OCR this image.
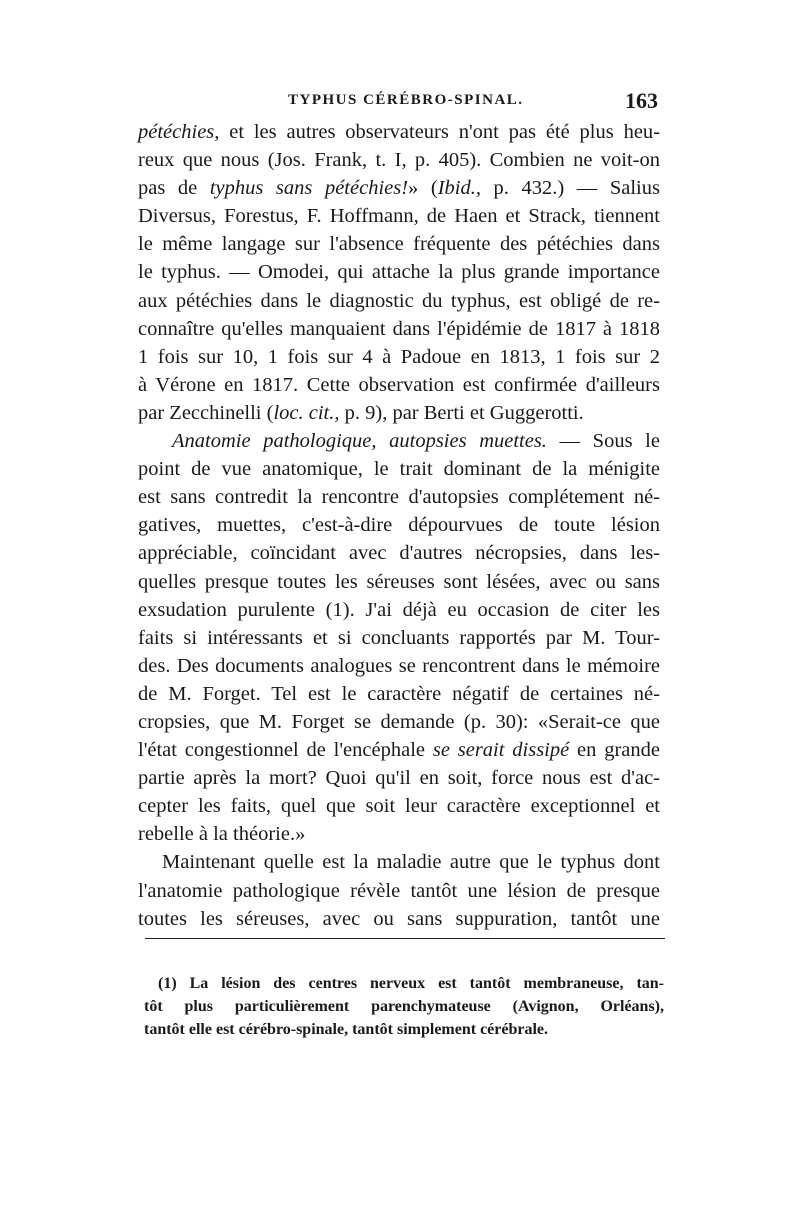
TYPHUS CÉRÉBRO-SPINAL.	163
pétéchies, et les autres observateurs n'ont pas été plus heu-
reux que nous (Jos. Frank, t. I, p. 405). Combien ne voit-on
pas de typhus sans pétéchies!» (Ibid., p. 432.) — Salius
Diversus, Forestus, F. Hoffmann, de Haen et Strack, tiennent
le même langage sur l'absence fréquente des pétéchies dans
le typhus. — Omodei, qui attache la plus grande importance
aux pétéchies dans le diagnostic du typhus, est obligé de re-
connaître qu'elles manquaient dans l'épidémie de 1817 à 1818
1 fois sur 10, 1 fois sur 4 à Padoue en 1813, 1 fois sur 2
à Vérone en 1817. Cette observation est confirmée d'ailleurs
par Zecchinelli (loc. cit., p. 9), par Berti et Guggerotti.
Anatomie pathologique, autopsies muettes. — Sous le
point de vue anatomique, le trait dominant de la ménigite
est sans contredit la rencontre d'autopsies complétement né-
gatives, muettes, c'est-à-dire dépourvues de toute lésion
appréciable, coïncidant avec d'autres nécropsies, dans les-
quelles presque toutes les séreuses sont lésées, avec ou sans
exsudation purulente (1). J'ai déjà eu occasion de citer les
faits si intéressants et si concluants rapportés par M. Tour-
des. Des documents analogues se rencontrent dans le mémoire
de M. Forget. Tel est le caractère négatif de certaines né-
cropsies, que M. Forget se demande (p. 30): «Serait-ce que
l'état congestionnel de l'encéphale se serait dissipé en grande
partie après la mort? Quoi qu'il en soit, force nous est d'ac-
cepter les faits, quel que soit leur caractère exceptionnel et
rebelle à la théorie.»
Maintenant quelle est la maladie autre que le typhus dont
l'anatomie pathologique révèle tantôt une lésion de presque
toutes les séreuses, avec ou sans suppuration, tantôt une
(1) La lésion des centres nerveux est tantôt membraneuse, tan-
tôt plus particulièrement parenchymateuse (Avignon, Orléans),
tantôt elle est cérébro-spinale, tantôt simplement cérébrale.
